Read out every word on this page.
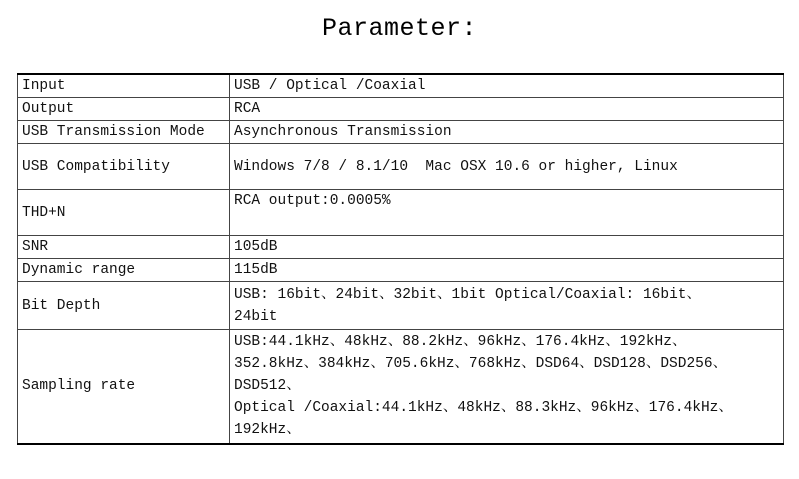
Parameter:
Input	USB / Optical /Coaxial
Output	RCA
USB Transmission Mode	Asynchronous Transmission
USB Compatibility	Windows 7/8 / 8.1/10  Mac OSX 10.6 or higher, Linux
THD+N	RCA output:0.0005%
SNR	105dB
Dynamic range	115dB
Bit Depth	USB: 16bit、24bit、32bit、1bit Optical/Coaxial: 16bit、
24bit
Sampling rate	USB:44.1kHz、48kHz、88.2kHz、96kHz、176.4kHz、192kHz、
352.8kHz、384kHz、705.6kHz、768kHz、DSD64、DSD128、DSD256、
DSD512、
Optical /Coaxial:44.1kHz、48kHz、88.3kHz、96kHz、176.4kHz、
192kHz、
